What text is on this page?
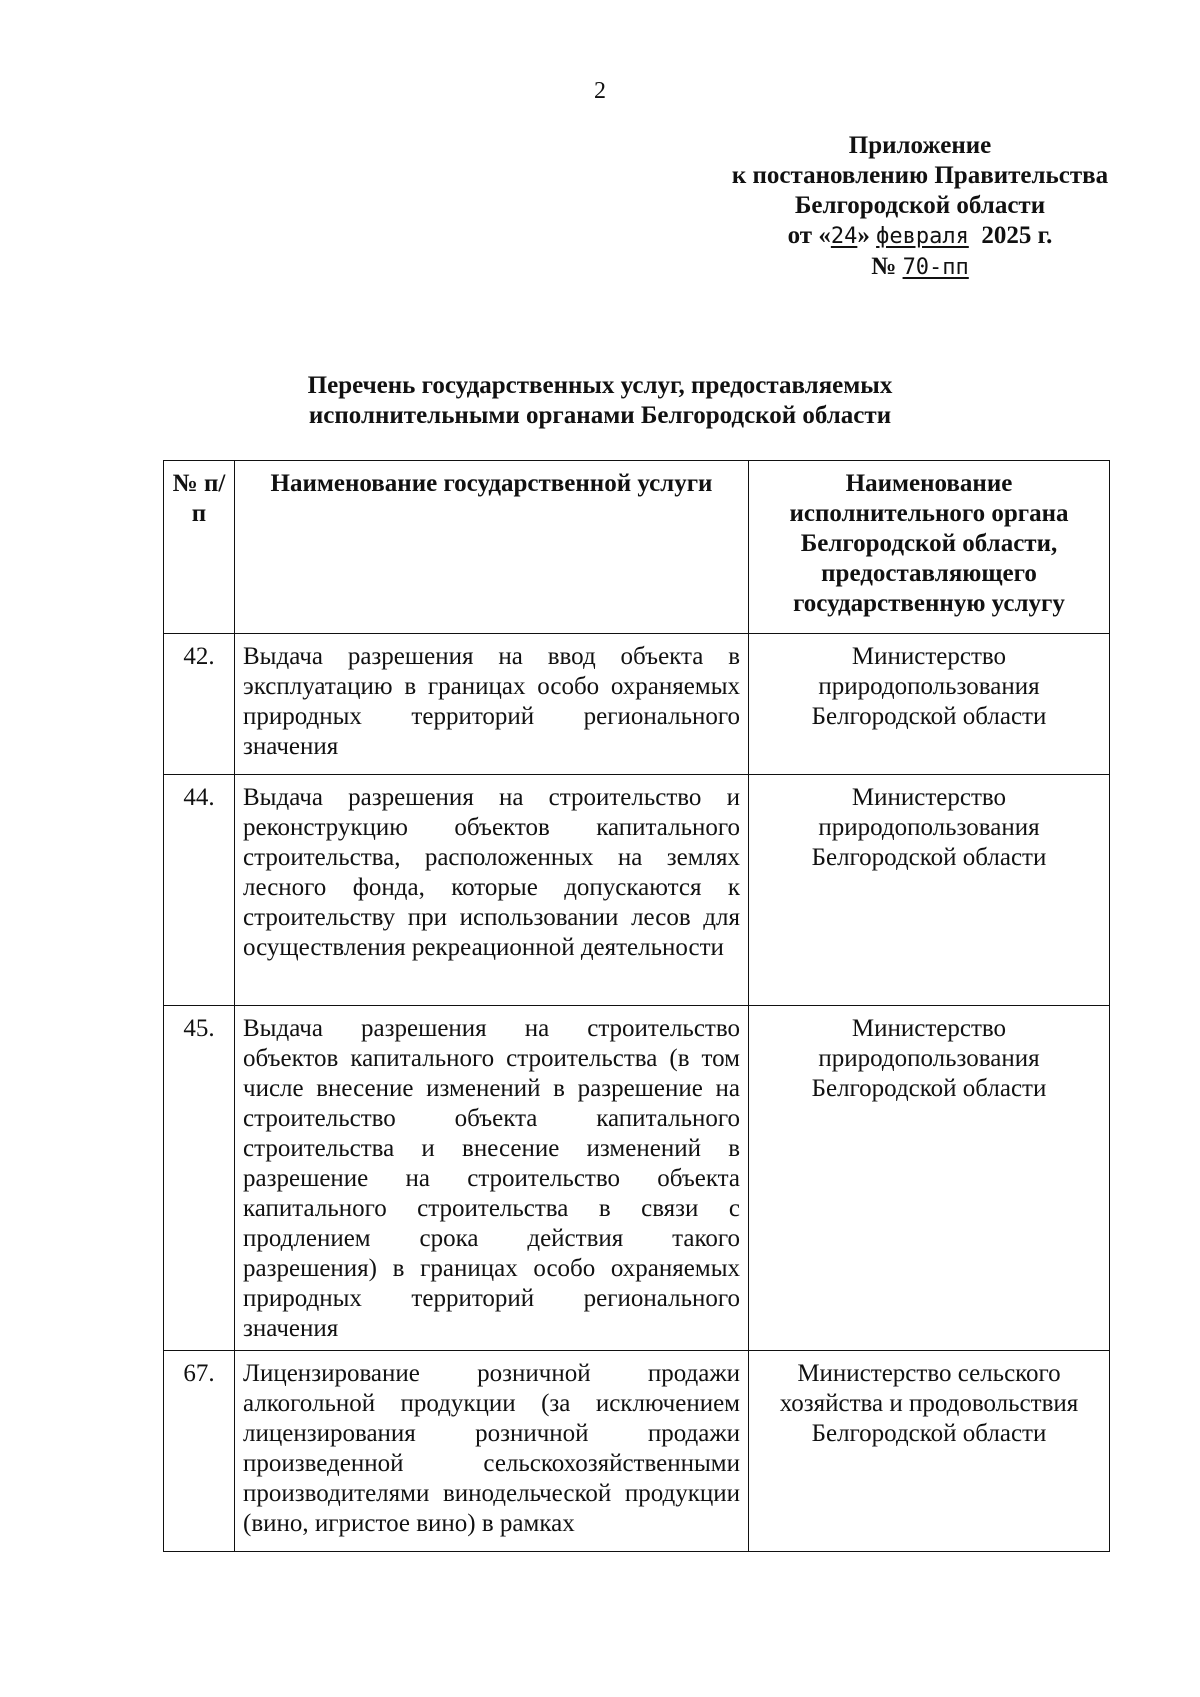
2
Приложение
к постановлению Правительства
Белгородской области
от «24» февраля 2025 г.
№ 70-пп
Перечень государственных услуг, предоставляемых
исполнительными органами Белгородской области
№ п/п	Наименование государственной услуги	Наименование исполнительного органа Белгородской области, предоставляющего государственную услугу
42.	Выдача разрешения на ввод объекта в эксплуатацию в границах особо охраняемых природных территорий регионального значения	Министерство природопользования Белгородской области
44.	Выдача разрешения на строительство и реконструкцию объектов капитального строительства, расположенных на землях лесного фонда, которые допускаются к строительству при использовании лесов для осуществления рекреационной деятельности	Министерство природопользования Белгородской области
45.	Выдача разрешения на строительство объектов капитального строительства (в том числе внесение изменений в разрешение на строительство объекта капитального строительства и внесение изменений в разрешение на строительство объекта капитального строительства в связи с продлением срока действия такого разрешения) в границах особо охраняемых природных территорий регионального значения	Министерство природопользования Белгородской области
67.	Лицензирование розничной продажи алкогольной продукции (за исключением лицензирования розничной продажи произведенной сельскохозяйственными производителями винодельческой продукции (вино, игристое вино) в рамках	Министерство сельского хозяйства и продовольствия Белгородской области
